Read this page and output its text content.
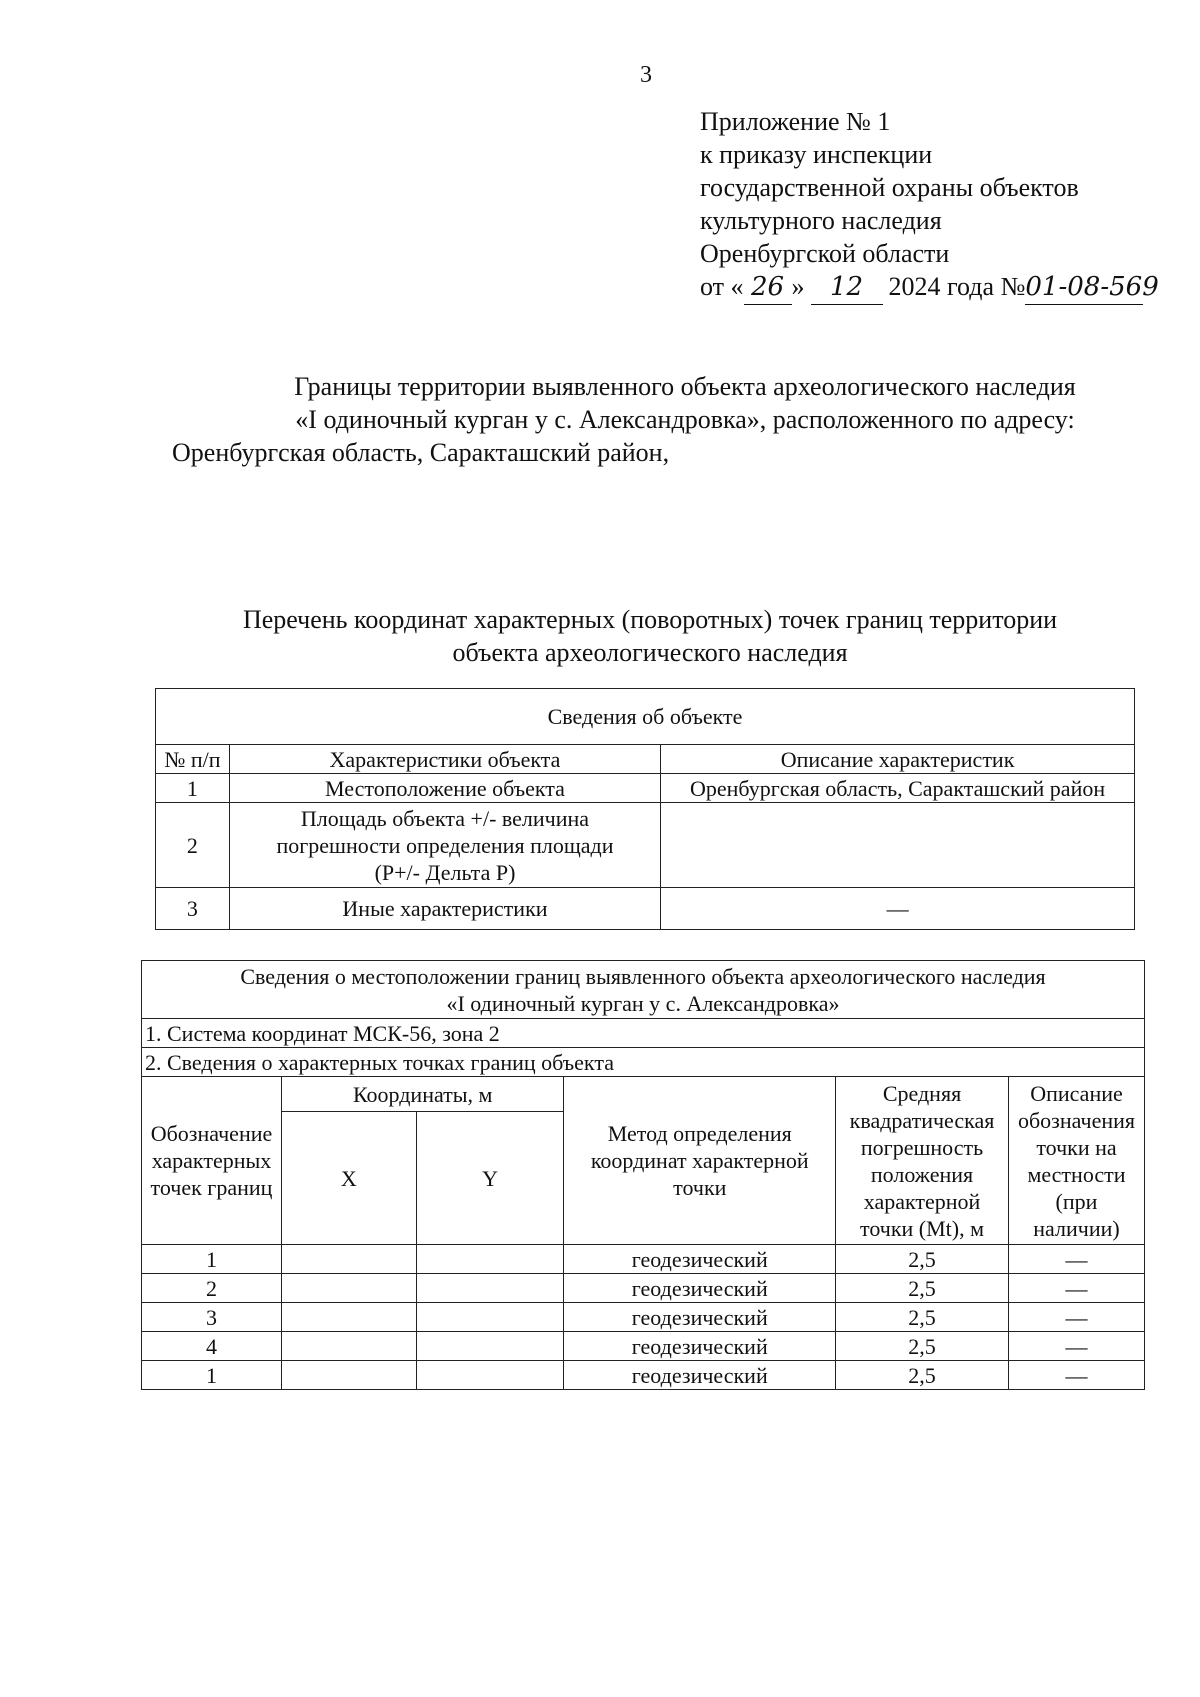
3
Приложение № 1
к приказу инспекции
государственной охраны объектов
культурного наследия
Оренбургской области
от « 26 » 12 2024 года №01-08-569
Границы территории выявленного объекта археологического наследия
«I одиночный курган у с. Александровка», расположенного по адресу:
Оренбургская область, Саракташский район,
Перечень координат характерных (поворотных) точек границ территории
объекта археологического наследия
Сведения об объекте		
№ п/п	Характеристики объекта	Описание характеристик
1	Местоположение объекта	Оренбургская область, Саракташский район
2	Площадь объекта +/- величина погрешности определения площади (Р+/- Дельта Р)	
3	Иные характеристики	—
Сведения о местоположении границ выявленного объекта археологического наследия
«I одиночный курган у с. Александровка»					

1. Система координат МСК-56, зона 2					
2. Сведения о характерных точках границ объекта					
Обозначение характерных точек границ	Координаты, м		Метод определения координат характерной точки	Средняя квадратическая погрешность положения характерной точки (Mt), м	Описание обозначения точки на местности (при наличии)
	X	Y			
1			геодезический	2,5	—
2			геодезический	2,5	—
3			геодезический	2,5	—
4			геодезический	2,5	—
1			геодезический	2,5	—
